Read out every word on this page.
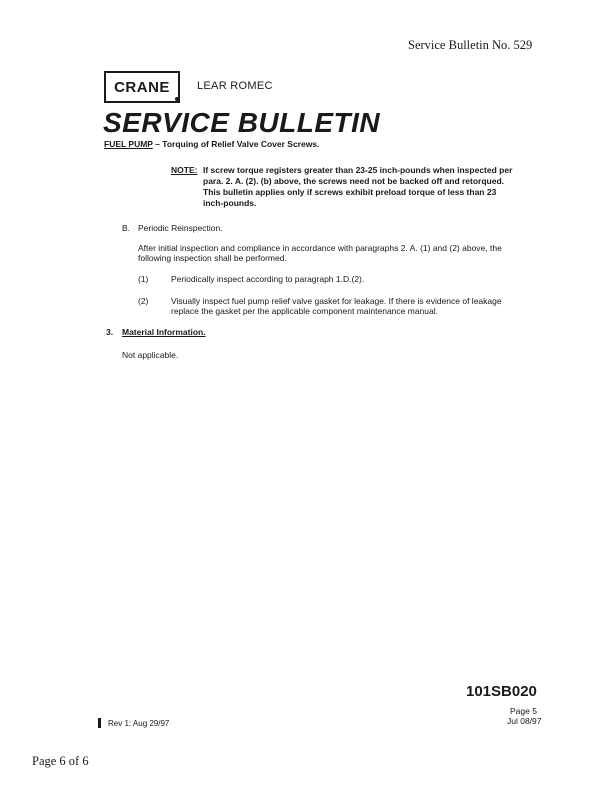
Service Bulletin No. 529
CRANE LEAR ROMEC
SERVICE BULLETIN
FUEL PUMP – Torquing of Relief Valve Cover Screws.
NOTE: If screw torque registers greater than 23-25 inch-pounds when inspected per
para. 2. A. (2). (b) above, the screws need not be backed off and retorqued.
This bulletin applies only if screws exhibit preload torque of less than 23
inch-pounds.
B. Periodic Reinspection.
After initial inspection and compliance in accordance with paragraphs 2. A. (1) and (2) above, the
following inspection shall be performed.
(1)	Periodically inspect according to paragraph 1.D.(2).
(2)	Visually inspect fuel pump relief valve gasket for leakage. If there is evidence of leakage
replace the gasket per the applicable component maintenance manual.
3. Material Information.
Not applicable.
101SB020
Page 5
Jul 08/97
Rev 1: Aug 29/97
Page 6 of 6
